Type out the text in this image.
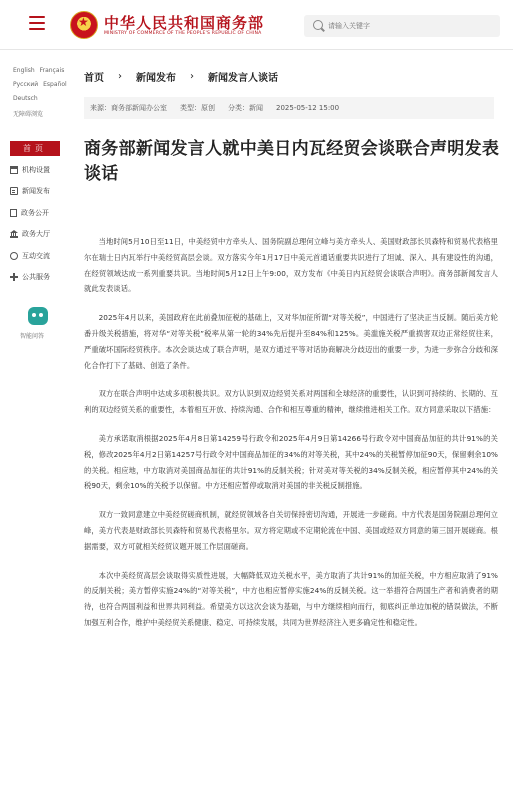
★ 中华人民共和国商务部
MINISTRY OF COMMERCE OF THE PEOPLE'S REPUBLIC OF CHINA
请输入关键字
English Français
Русский Español
Deutsch
无障碍浏览
首页
机构设置
新闻发布
政务公开
政务大厅
互动交流
公共服务
智能问答
首页 › 新闻发布 › 新闻发言人谈话
来源：商务部新闻办公室 类型：原创 分类：新闻 2025-05-12 15:00
商务部新闻发言人就中美日内瓦经贸会谈联合声明发表谈话

当地时间5月10日至11日，中美经贸中方牵头人、国务院副总理何立峰与美方牵头人、美国财政部长贝森特和贸易代表格里尔在瑞士日内瓦举行中美经贸高层会谈。双方落实今年1月17日中美元首通话重要共识进行了坦诚、深入、具有建设性的沟通，在经贸领域达成一系列重要共识。当地时间5月12日上午9:00，双方发布《中美日内瓦经贸会谈联合声明》。商务部新闻发言人就此发表谈话。

2025年4月以来，美国政府在此前叠加征税的基础上，又对华加征所谓“对等关税”，中国进行了坚决正当反制。随后美方轮番升级关税措施，将对华“对等关税”税率从第一轮的34%先后提升至84%和125%。美滥施关税严重损害双边正常经贸往来，严重破坏国际经贸秩序。本次会谈达成了联合声明，是双方通过平等对话协商解决分歧迈出的重要一步，为进一步弥合分歧和深化合作打下了基础、创造了条件。

双方在联合声明中达成多项积极共识。双方认识到双边经贸关系对两国和全球经济的重要性，认识到可持续的、长期的、互利的双边经贸关系的重要性，本着相互开放、持续沟通、合作和相互尊重的精神，继续推进相关工作。双方同意采取以下措施：

美方承诺取消根据2025年4月8日第14259号行政令和2025年4月9日第14266号行政令对中国商品加征的共计91%的关税，修改2025年4月2日第14257号行政令对中国商品加征的34%的对等关税，其中24%的关税暂停加征90天，保留剩余10%的关税。相应地，中方取消对美国商品加征的共计91%的反制关税；针对美对等关税的34%反制关税，相应暂停其中24%的关税90天，剩余10%的关税予以保留。中方还相应暂停或取消对美国的非关税反制措施。

双方一致同意建立中美经贸磋商机制，就经贸领域各自关切保持密切沟通，开展进一步磋商。中方代表是国务院副总理何立峰，美方代表是财政部长贝森特和贸易代表格里尔。双方将定期或不定期轮流在中国、美国或经双方同意的第三国开展磋商。根据需要，双方可就相关经贸议题开展工作层面磋商。

本次中美经贸高层会谈取得实质性进展，大幅降低双边关税水平，美方取消了共计91%的加征关税，中方相应取消了91%的反制关税；美方暂停实施24%的“对等关税”，中方也相应暂停实施24%的反制关税。这一举措符合两国生产者和消费者的期待，也符合两国利益和世界共同利益。希望美方以这次会谈为基础，与中方继续相向而行，彻底纠正单边加税的错误做法，不断加强互利合作，维护中美经贸关系健康、稳定、可持续发展，共同为世界经济注入更多确定性和稳定性。
